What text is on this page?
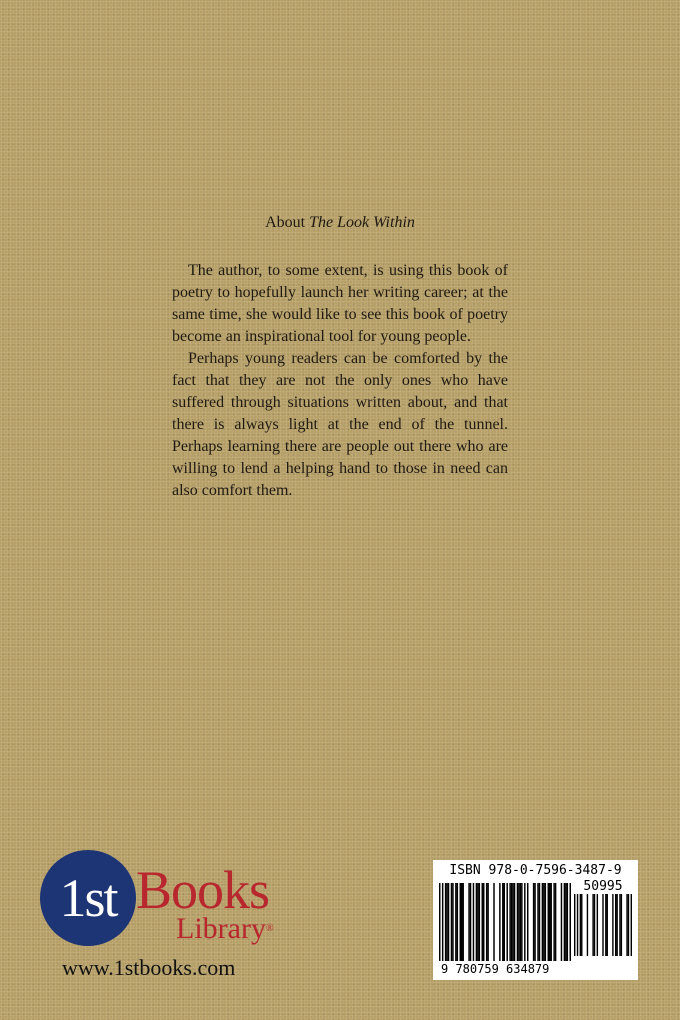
About The Look Within

The author, to some extent, is using this book of poetry to hopefully launch her writing career; at the same time, she would like to see this book of poetry become an inspirational tool for young people.

Perhaps young readers can be comforted by the fact that they are not the only ones who have suffered through situations written about, and that there is always light at the end of the tunnel. Perhaps learning there are people out there who are willing to lend a helping hand to those in need can also comfort them.

1st Books
Library®
www.1stbooks.com
ISBN 978-0-7596-3487-9
50995
9 780759 634879
